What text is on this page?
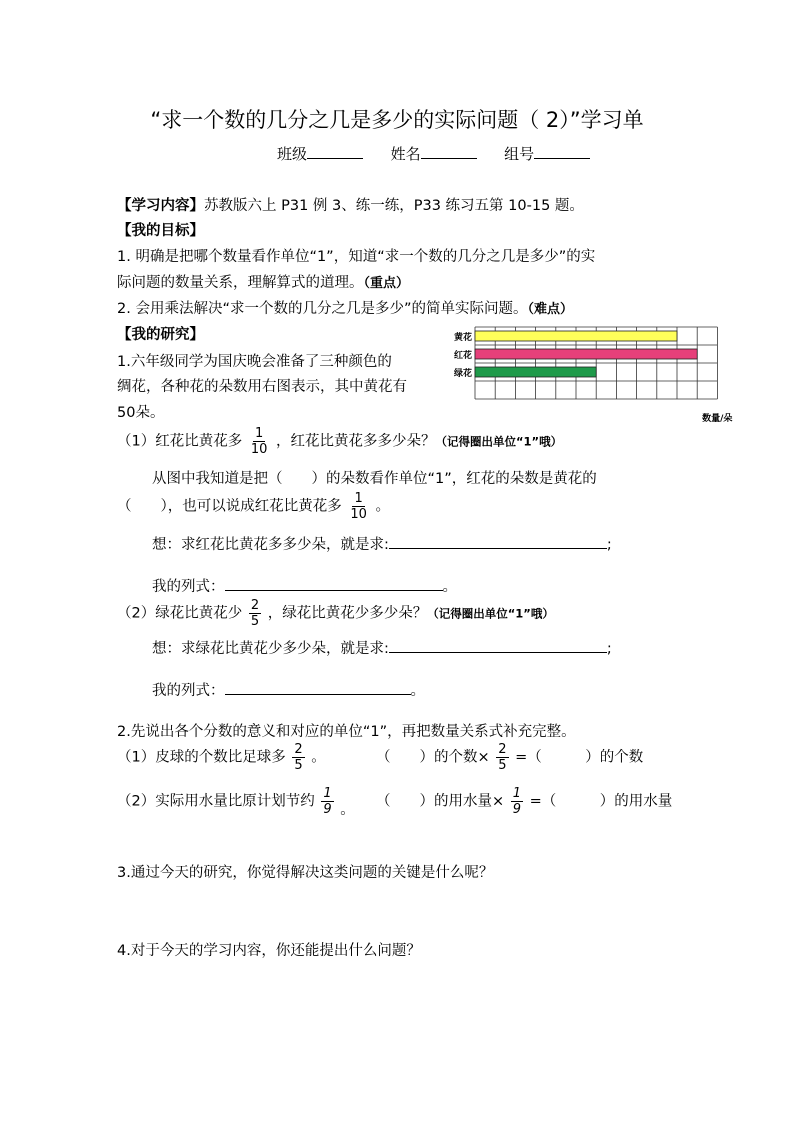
“求一个数的几分之几是多少的实际问题（ 2）”学习单
班级	姓名	组号
【学习内容】苏教版六上 P31 例 3、练一练，P33 练习五第 10-15 题。
【我的目标】
1. 明确是把哪个数量看作单位“1”，知道“求一个数的几分之几是多少”的实
际问题的数量关系，理解算式的道理。（重点）
2. 会用乘法解决“求一个数的几分之几是多少”的简单实际问题。（难点）
【我的研究】
1.六年级同学为国庆晚会准备了三种颜色的
绸花，各种花的朵数用右图表示，其中黄花有
50朵。
黄花
红花
绿花
数量/朵
（1）红花比黄花多 $\frac{1}{10}$ ，红花比黄花多多少朵？（记得圈出单位“1”哦）
从图中我知道是把（　　）的朵数看作单位“1”，红花的朵数是黄花的
（　　），也可以说成红花比黄花多 $\frac{1}{10}$ 。
想：求红花比黄花多多少朵，就是求:	;
我的列式：	。
（2）绿花比黄花少 $\frac{2}{5}$ ，绿花比黄花少多少朵？（记得圈出单位“1”哦）
想：求绿花比黄花少多少朵，就是求:	;
我的列式：	。
2.先说出各个分数的意义和对应的单位“1”，再把数量关系式补充完整。
（1）皮球的个数比足球多 $\frac{2}{5}$ 。	（　　）的个数× $\frac{2}{5}$ =（　　　）的个数
（2）实际用水量比原计划节约 $\frac{1}{9}$ 。 （　　）的用水量× $\frac{1}{9}$ =（　　　）的用水量
3.通过今天的研究，你觉得解决这类问题的关键是什么呢？
4.对于今天的学习内容，你还能提出什么问题？
